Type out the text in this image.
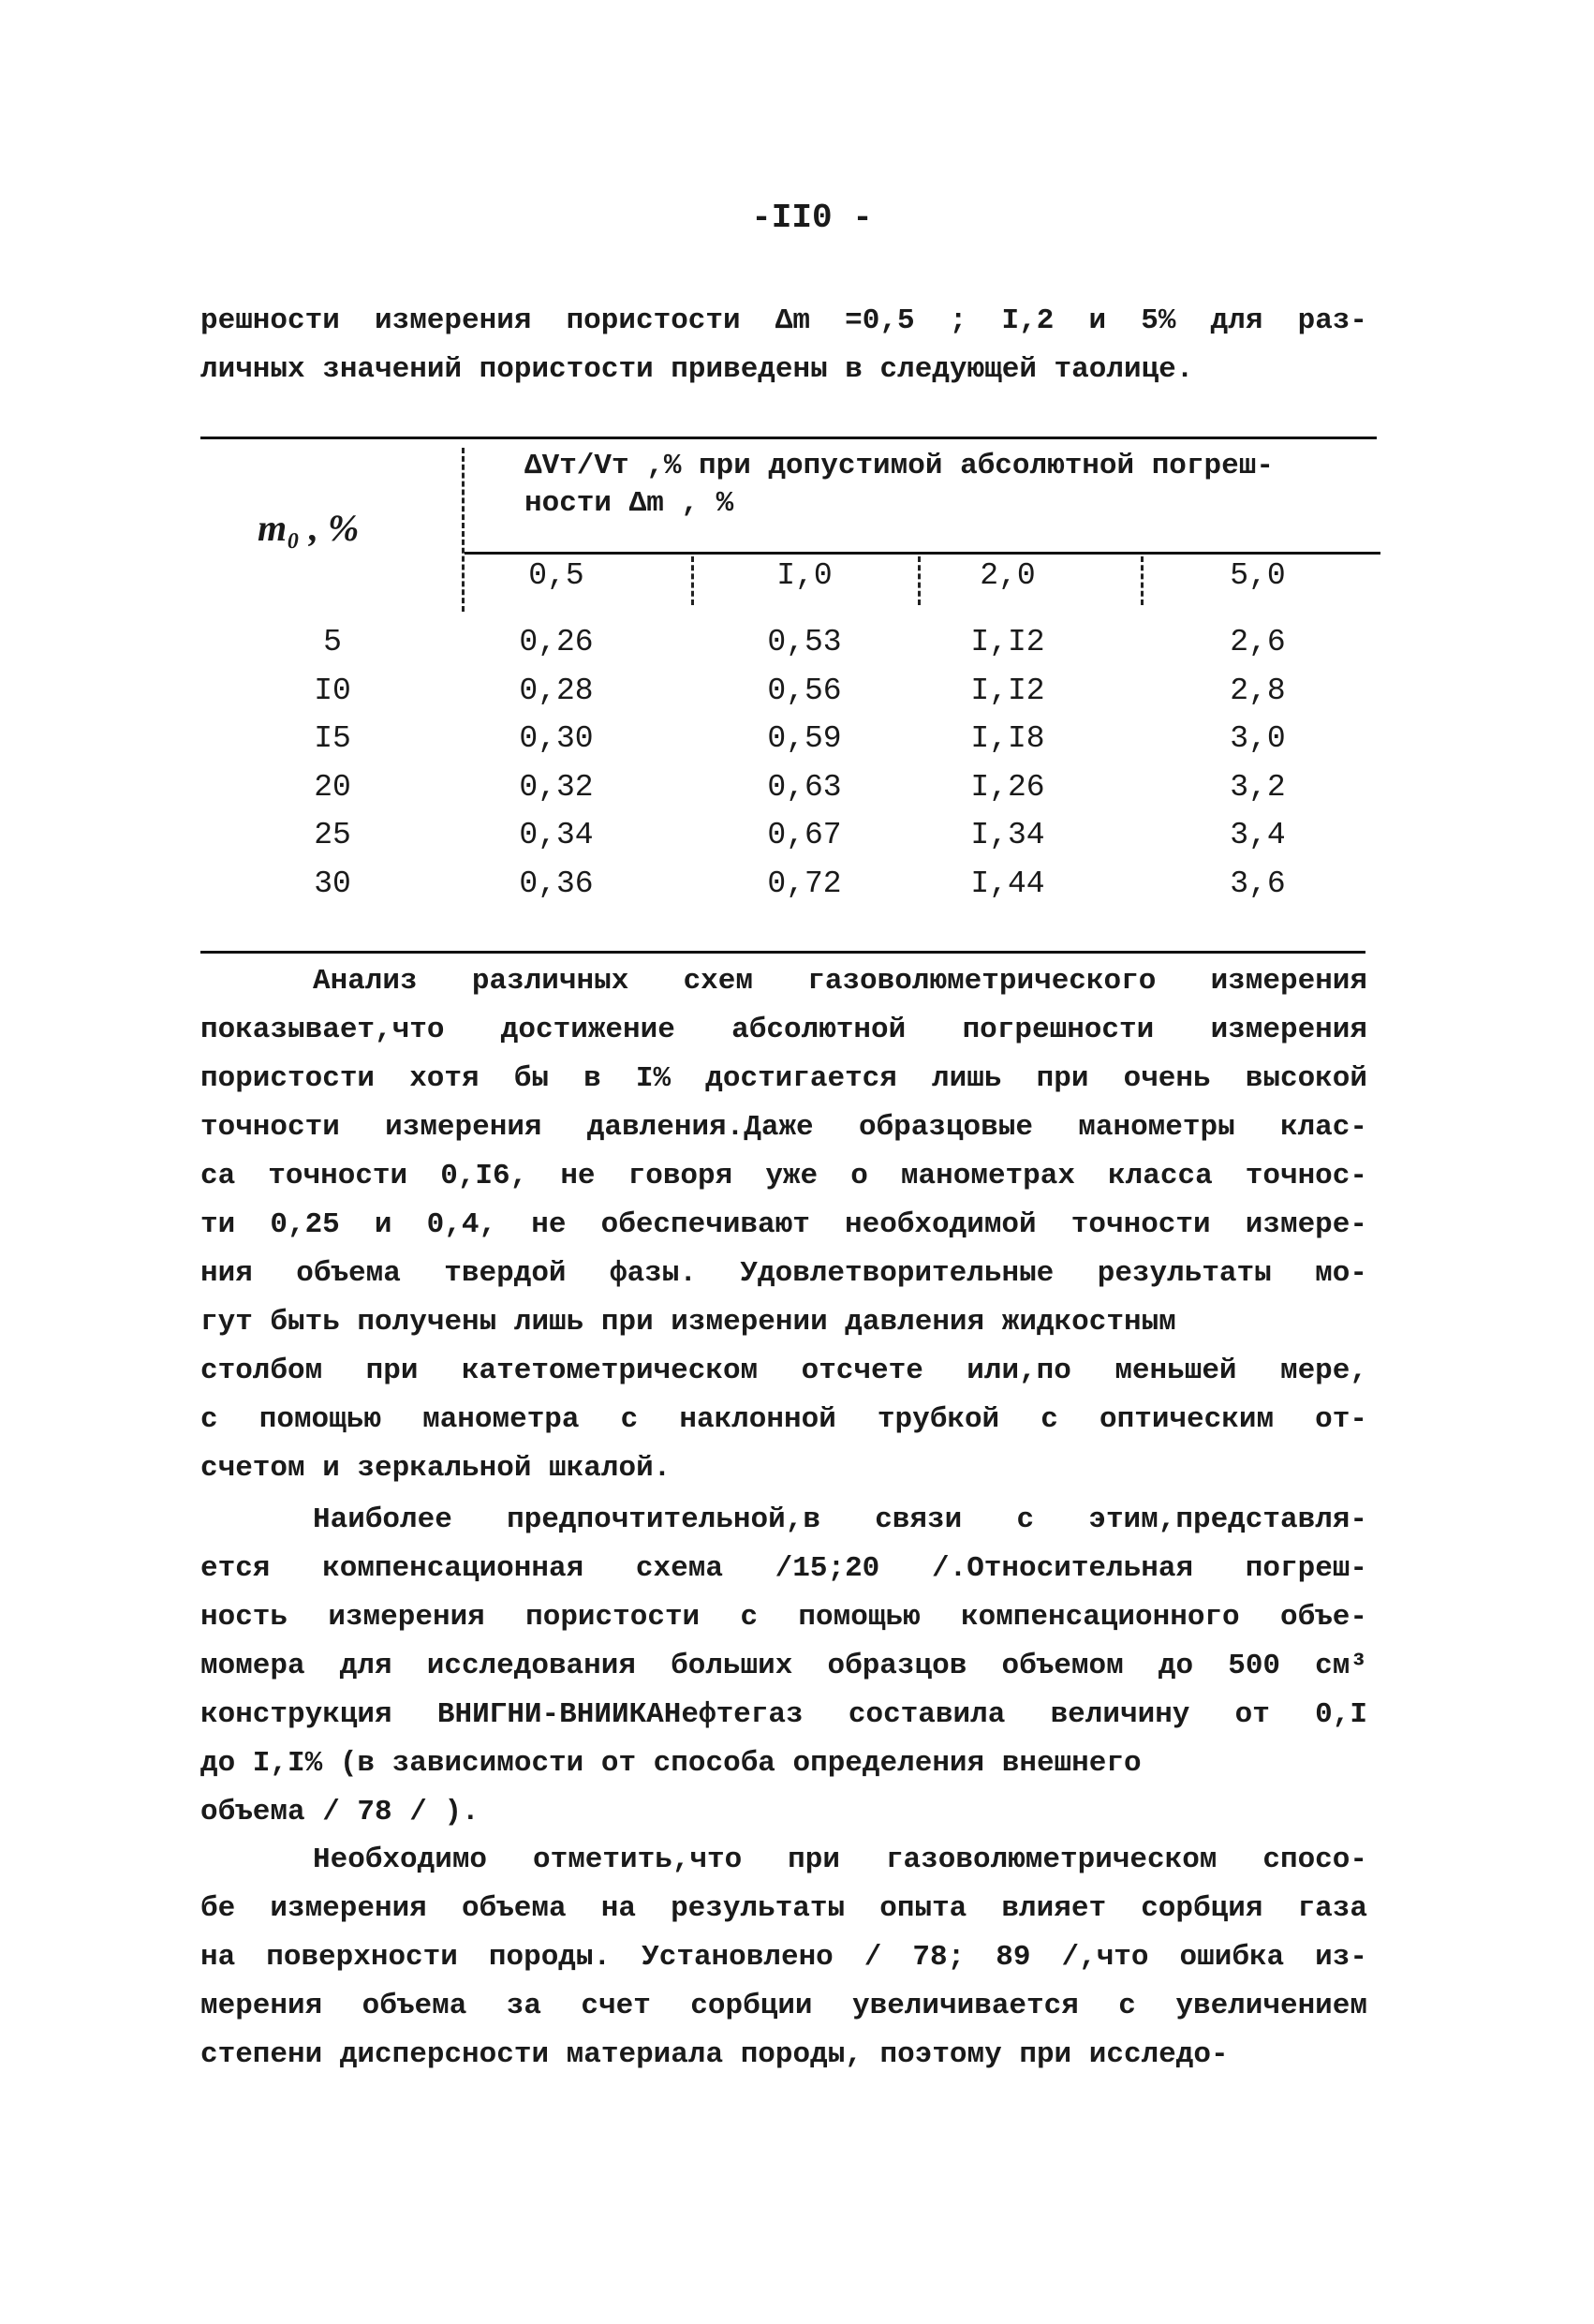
-II0 -
решности измерения пористости Δm =0,5 ; I,2 и 5% для раз-
личных значений пористости приведены в следующей таолице.
m₀ , %
ΔVт/Vт ,% при допустимой абсолютной погреш-
ности Δm , %
0,5	I,0	2,0	5,0
5	0,26	0,53	I,I2	2,6
I0	0,28	0,56	I,I2	2,8
I5	0,30	0,59	I,I8	3,0
20	0,32	0,63	I,26	3,2
25	0,34	0,67	I,34	3,4
30	0,36	0,72	I,44	3,6
Анализ различных схем газоволюметрического измерения
показывает,что достижение абсолютной погрешности измерения
пористости хотя бы в I% достигается лишь при очень высокой
точности измерения давления.Даже образцовые манометры клас-
са точности 0,I6, не говоря уже о манометрах класса точнос-
ти 0,25 и 0,4, не обеспечивают необходимой точности измере-
ния объема твердой фазы. Удовлетворительные результаты мо-
гут быть получены лишь при измерении давления жидкостным
столбом при катетометрическом отсчете или,по меньшей мере,
с помощью манометра с наклонной трубкой с оптическим от-
счетом и зеркальной шкалой.
Наиболее предпочтительной,в связи с этим,представля-
ется компенсационная схема /15;20 /.Относительная погреш-
ность измерения пористости с помощью компенсационного объе-
момера для исследования больших образцов объемом до 500 см³
конструкция ВНИГНИ-ВНИИКАНефтегаз составила величину от 0,I
до I,I% (в зависимости от способа определения внешнего
объема / 78 / ).
Необходимо отметить,что при газоволюметрическом спосо-
бе измерения объема на результаты опыта влияет сорбция газа
на поверхности породы. Установлено / 78; 89 /,что ошибка из-
мерения объема за счет сорбции увеличивается с увеличением
степени дисперсности материала породы, поэтому при исследо-
